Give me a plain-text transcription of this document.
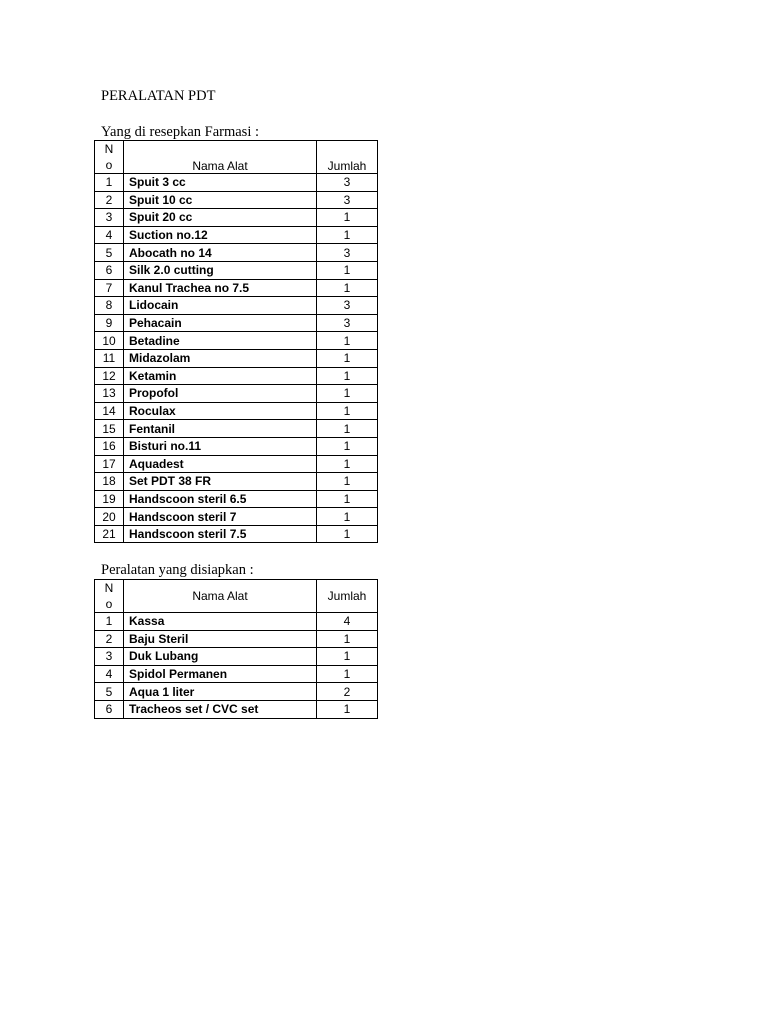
PERALATAN PDT

Yang di resepkan Farmasi :

N
o	Nama Alat	Jumlah
1	Spuit 3 cc	3
2	Spuit 10 cc	3
3	Spuit 20 cc	1
4	Suction no.12	1
5	Abocath no 14	3
6	Silk 2.0 cutting	1
7	Kanul Trachea no 7.5	1
8	Lidocain	3
9	Pehacain	3
10	Betadine	1
11	Midazolam	1
12	Ketamin	1
13	Propofol	1
14	Roculax	1
15	Fentanil	1
16	Bisturi no.11	1
17	Aquadest	1
18	Set PDT 38 FR	1
19	Handscoon steril 6.5	1
20	Handscoon steril 7	1
21	Handscoon steril 7.5	1

Peralatan yang disiapkan :

N
o	Nama Alat	Jumlah
1	Kassa	4
2	Baju Steril	1
3	Duk Lubang	1
4	Spidol Permanen	1
5	Aqua 1 liter	2
6	Tracheos set / CVC set	1
